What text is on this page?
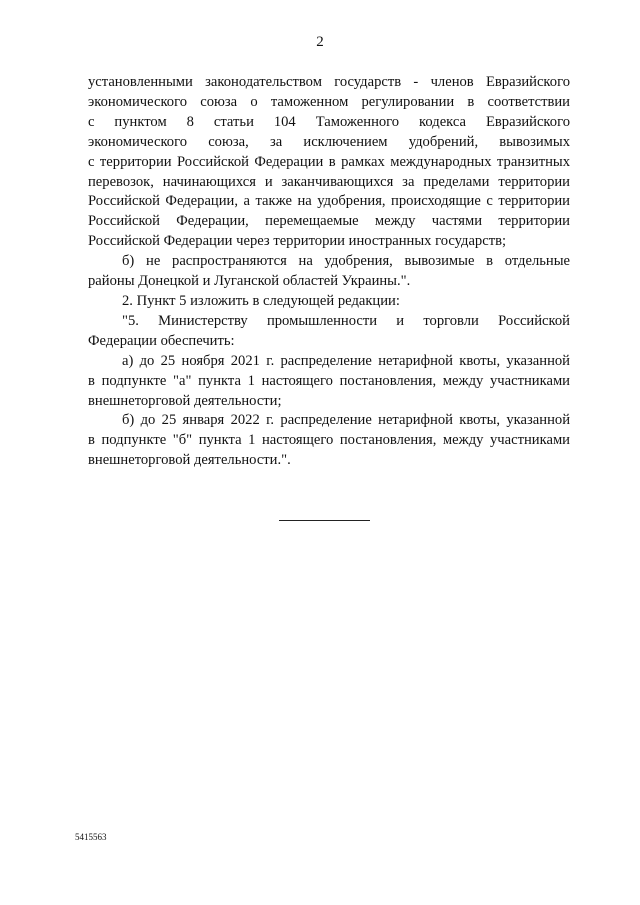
2
установленными законодательством государств - членов Евразийского
экономического союза о таможенном регулировании в соответствии
с пунктом 8 статьи 104 Таможенного кодекса Евразийского
экономического союза, за исключением удобрений, вывозимых
с территории Российской Федерации в рамках международных транзитных
перевозок, начинающихся и заканчивающихся за пределами территории
Российской Федерации, а также на удобрения, происходящие с территории
Российской Федерации, перемещаемые между частями территории
Российской Федерации через территории иностранных государств;
б) не распространяются на удобрения, вывозимые в отдельные
районы Донецкой и Луганской областей Украины.".
2. Пункт 5 изложить в следующей редакции:
"5. Министерству промышленности и торговли Российской
Федерации обеспечить:
а) до 25 ноября 2021 г. распределение нетарифной квоты, указанной
в подпункте "а" пункта 1 настоящего постановления, между участниками
внешнеторговой деятельности;
б) до 25 января 2022 г. распределение нетарифной квоты, указанной
в подпункте "б" пункта 1 настоящего постановления, между участниками
внешнеторговой деятельности.".
5415563
